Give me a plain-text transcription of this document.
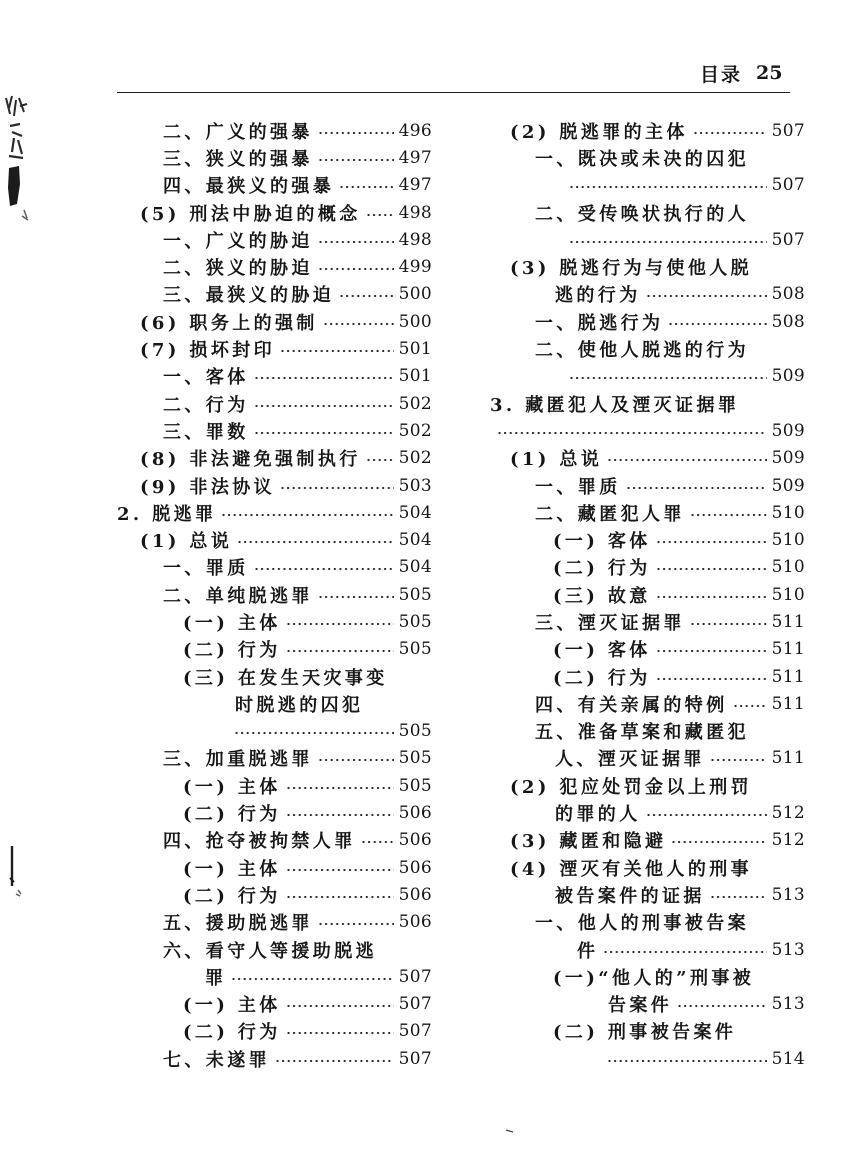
目录 25
二、广义的强暴	496
三、狭义的强暴	497
四、最狭义的强暴	497
(5) 刑法中胁迫的概念 498
一、广义的胁迫	498
二、狭义的胁迫	499
三、最狭义的胁迫	500
(6) 职务上的强制	500
(7) 损坏封印	501
一、客体	501
二、行为	502
三、罪数	502
(8) 非法避免强制执行 502
(9) 非法协议	503
2. 脱逃罪	504
(1) 总说	504
一、罪质	504
二、单纯脱逃罪	505
(一) 主体	505
(二) 行为	505
(三) 在发生天灾事变
时脱逃的囚犯
505
三、加重脱逃罪	505
(一) 主体	505
(二) 行为	506
四、抢夺被拘禁人罪	506
(一) 主体	506
(二) 行为	506
五、援助脱逃罪	506
六、看守人等援助脱逃
罪	507
(一) 主体	507
(二) 行为	507
七、未遂罪	507
(2) 脱逃罪的主体	507
一、既决或未决的囚犯
507
二、受传唤状执行的人
507
(3) 脱逃行为与使他人脱
逃的行为	508
一、脱逃行为	508
二、使他人脱逃的行为
509
3. 藏匿犯人及湮灭证据罪
509
(1) 总说	509
一、罪质	509
二、藏匿犯人罪	510
(一) 客体	510
(二) 行为	510
(三) 故意	510
三、湮灭证据罪	511
(一) 客体	511
(二) 行为	511
四、有关亲属的特例	511
五、准备草案和藏匿犯
人、湮灭证据罪	511
(2) 犯应处罚金以上刑罚
的罪的人	512
(3) 藏匿和隐避	512
(4) 湮灭有关他人的刑事
被告案件的证据	513
一、他人的刑事被告案
件	513
(一)“他人的”刑事被
告案件	513
(二) 刑事被告案件
514
